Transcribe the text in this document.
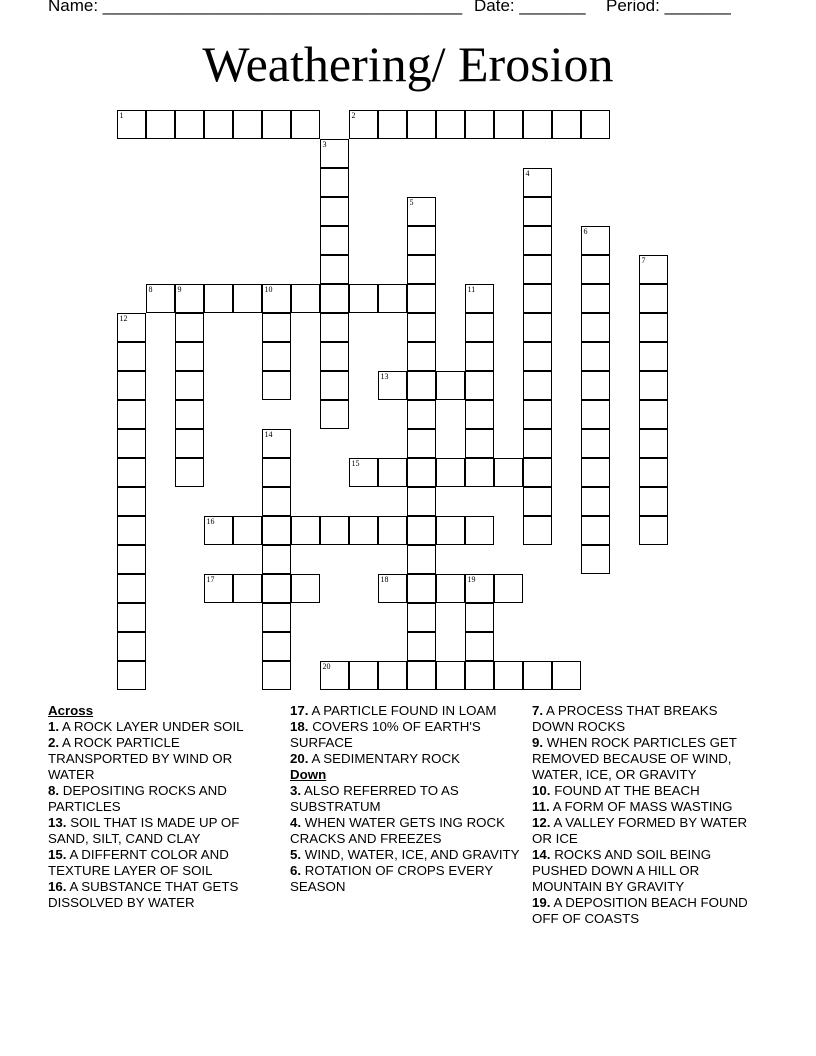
Name: ______________________________________ Date: _______ Period: _______
Weathering/ Erosion
1	2
3
4
5
6
7
8	9	10	11
12
13
14
15
16
17	18	19
20

Across

1. A ROCK LAYER UNDER SOIL

2. A ROCK PARTICLE TRANSPORTED BY WIND OR WATER

8. DEPOSITING ROCKS AND PARTICLES

13. SOIL THAT IS MADE UP OF SAND, SILT, CAND CLAY

15. A DIFFERNT COLOR AND TEXTURE LAYER OF SOIL

16. A SUBSTANCE THAT GETS DISSOLVED BY WATER

17. A PARTICLE FOUND IN LOAM

18. COVERS 10% OF EARTH'S SURFACE

20. A SEDIMENTARY ROCK

Down

3. ALSO REFERRED TO AS SUBSTRATUM

4. WHEN WATER GETS ING ROCK CRACKS AND FREEZES

5. WIND, WATER, ICE, AND GRAVITY

6. ROTATION OF CROPS EVERY SEASON

7. A PROCESS THAT BREAKS DOWN ROCKS

9. WHEN ROCK PARTICLES GET REMOVED BECAUSE OF WIND, WATER, ICE, OR GRAVITY

10. FOUND AT THE BEACH

11. A FORM OF MASS WASTING

12. A VALLEY FORMED BY WATER OR ICE

14. ROCKS AND SOIL BEING PUSHED DOWN A HILL OR MOUNTAIN BY GRAVITY

19. A DEPOSITION BEACH FOUND OFF OF COASTS
